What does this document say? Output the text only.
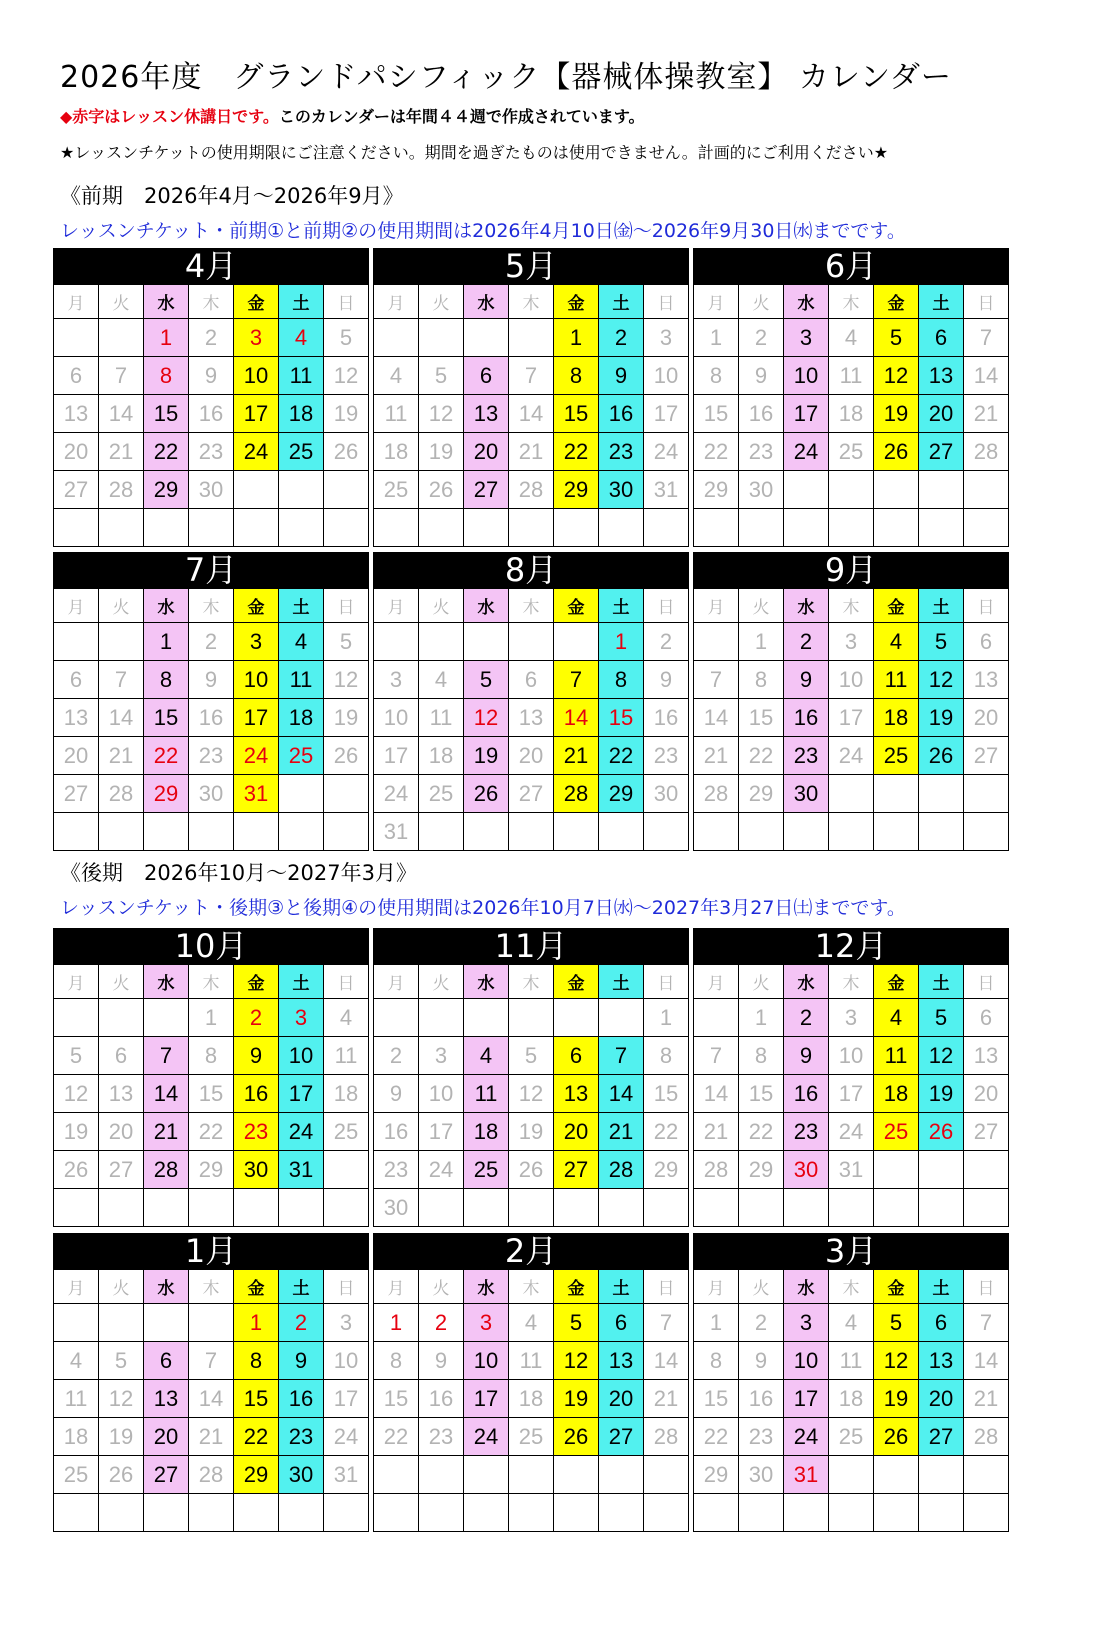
2026年度　グランドパシフィック【器械体操教室】 カレンダー
◆赤字はレッスン休講日です。このカレンダーは年間４４週で作成されています。
★レッスンチケットの使用期限にご注意ください。期間を過ぎたものは使用できません。計画的にご利用ください★
《前期　2026年4月～2026年9月》
レッスンチケット・前期①と前期②の使用期間は2026年4月10日㈮～2026年9月30日㈬までです。
《後期　2026年10月～2027年3月》
レッスンチケット・後期③と後期④の使用期間は2026年10月7日㈬～2027年3月27日㈯までです。
4月
月	火	水	木	金	土	日
		1	2	3	4	5
6	7	8	9	10	11	12
13	14	15	16	17	18	19
20	21	22	23	24	25	26
27	28	29	30			

5月
月	火	水	木	金	土	日
				1	2	3
4	5	6	7	8	9	10
11	12	13	14	15	16	17
18	19	20	21	22	23	24
25	26	27	28	29	30	31

6月
月	火	水	木	金	土	日
1	2	3	4	5	6	7
8	9	10	11	12	13	14
15	16	17	18	19	20	21
22	23	24	25	26	27	28
29	30					

7月
月	火	水	木	金	土	日
		1	2	3	4	5
6	7	8	9	10	11	12
13	14	15	16	17	18	19
20	21	22	23	24	25	26
27	28	29	30	31		

8月
月	火	水	木	金	土	日
					1	2
3	4	5	6	7	8	9
10	11	12	13	14	15	16
17	18	19	20	21	22	23
24	25	26	27	28	29	30
31						
9月
月	火	水	木	金	土	日
	1	2	3	4	5	6
7	8	9	10	11	12	13
14	15	16	17	18	19	20
21	22	23	24	25	26	27
28	29	30				

10月
月	火	水	木	金	土	日
			1	2	3	4
5	6	7	8	9	10	11
12	13	14	15	16	17	18
19	20	21	22	23	24	25
26	27	28	29	30	31	

11月
月	火	水	木	金	土	日
						1
2	3	4	5	6	7	8
9	10	11	12	13	14	15
16	17	18	19	20	21	22
23	24	25	26	27	28	29
30						
12月
月	火	水	木	金	土	日
	1	2	3	4	5	6
7	8	9	10	11	12	13
14	15	16	17	18	19	20
21	22	23	24	25	26	27
28	29	30	31			

1月
月	火	水	木	金	土	日
				1	2	3
4	5	6	7	8	9	10
11	12	13	14	15	16	17
18	19	20	21	22	23	24
25	26	27	28	29	30	31

2月
月	火	水	木	金	土	日
1	2	3	4	5	6	7
8	9	10	11	12	13	14
15	16	17	18	19	20	21
22	23	24	25	26	27	28

3月
月	火	水	木	金	土	日
1	2	3	4	5	6	7
8	9	10	11	12	13	14
15	16	17	18	19	20	21
22	23	24	25	26	27	28
29	30	31				
